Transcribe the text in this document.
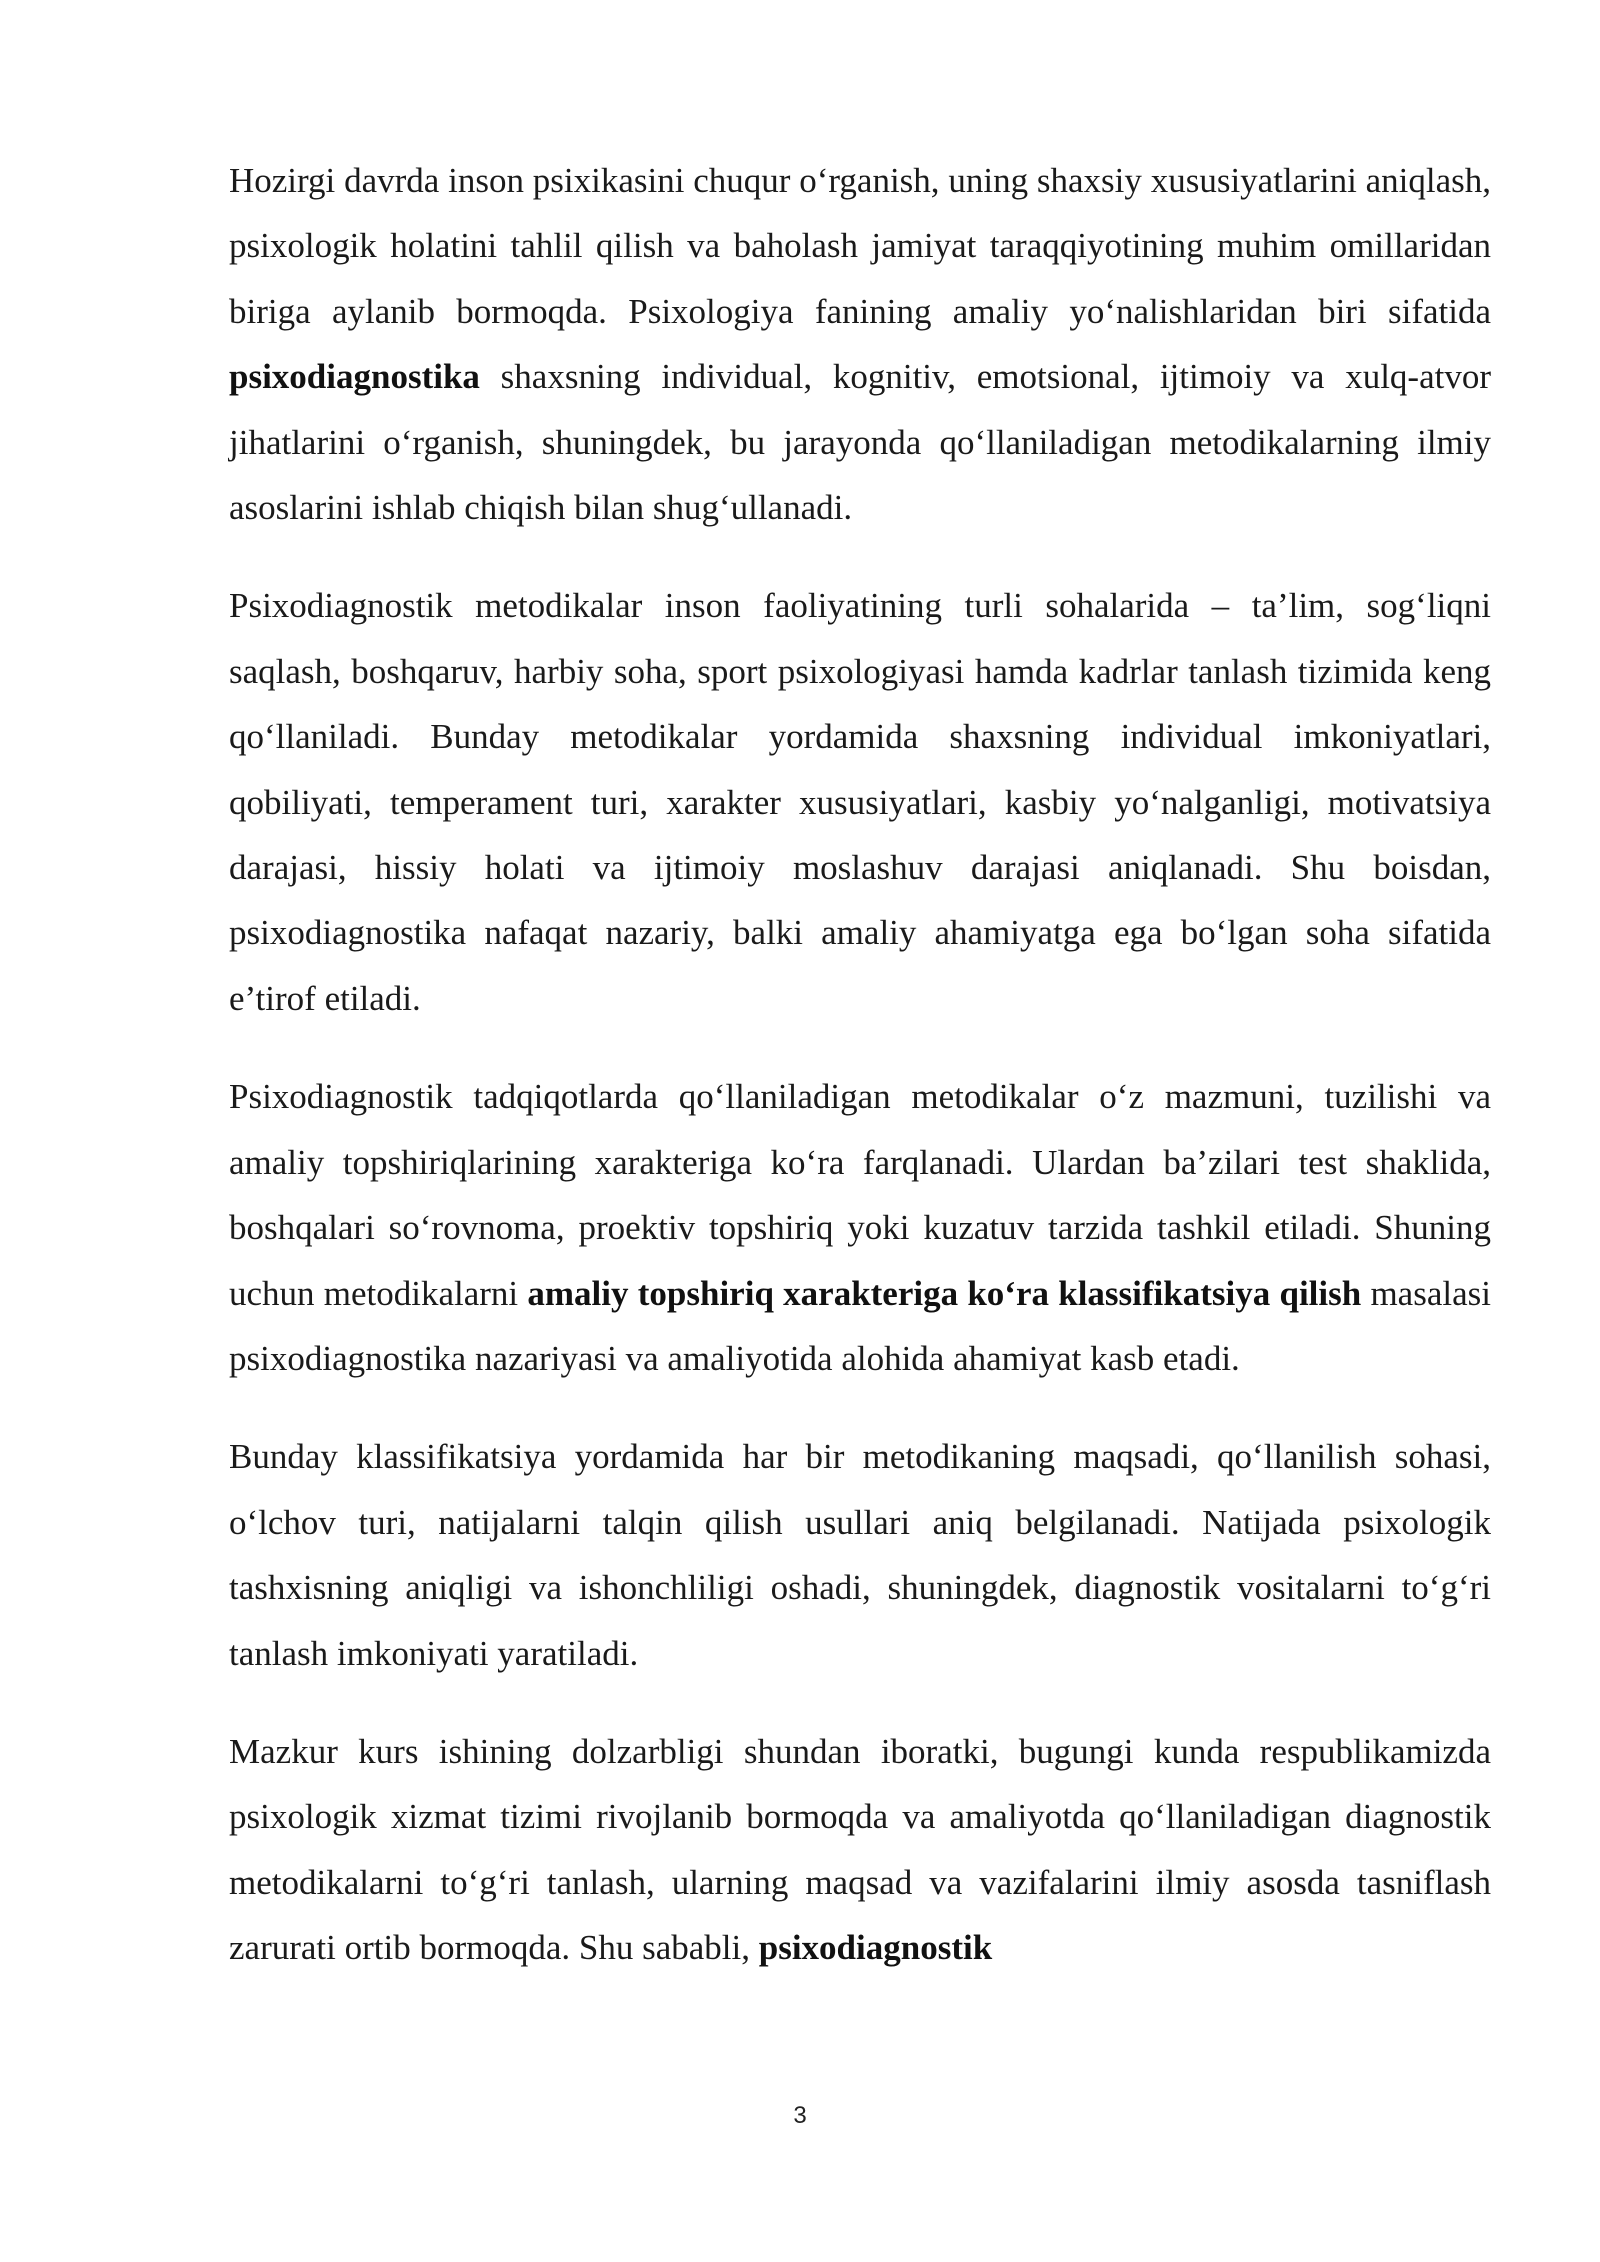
Hozirgi davrda inson psixikasini chuqur o‘rganish, uning shaxsiy xususiyatlarini aniqlash, psixologik holatini tahlil qilish va baholash jamiyat taraqqiyotining muhim omillaridan biriga aylanib bormoqda. Psixologiya fanining amaliy yo‘nalishlaridan biri sifatida psixodiagnostika shaxsning individual, kognitiv, emotsional, ijtimoiy va xulq-atvor jihatlarini o‘rganish, shuningdek, bu jarayonda qo‘llaniladigan metodikalarning ilmiy asoslarini ishlab chiqish bilan shug‘ullanadi.

Psixodiagnostik metodikalar inson faoliyatining turli sohalarida – ta’lim, sog‘liqni saqlash, boshqaruv, harbiy soha, sport psixologiyasi hamda kadrlar tanlash tizimida keng qo‘llaniladi. Bunday metodikalar yordamida shaxsning individual imkoniyatlari, qobiliyati, temperament turi, xarakter xususiyatlari, kasbiy yo‘nalganligi, motivatsiya darajasi, hissiy holati va ijtimoiy moslashuv darajasi aniqlanadi. Shu boisdan, psixodiagnostika nafaqat nazariy, balki amaliy ahamiyatga ega bo‘lgan soha sifatida e’tirof etiladi.

Psixodiagnostik tadqiqotlarda qo‘llaniladigan metodikalar o‘z mazmuni, tuzilishi va amaliy topshiriqlarining xarakteriga ko‘ra farqlanadi. Ulardan ba’zilari test shaklida, boshqalari so‘rovnoma, proektiv topshiriq yoki kuzatuv tarzida tashkil etiladi. Shuning uchun metodikalarni amaliy topshiriq xarakteriga ko‘ra klassifikatsiya qilish masalasi psixodiagnostika nazariyasi va amaliyotida alohida ahamiyat kasb etadi.

Bunday klassifikatsiya yordamida har bir metodikaning maqsadi, qo‘llanilish sohasi, o‘lchov turi, natijalarni talqin qilish usullari aniq belgilanadi. Natijada psixologik tashxisning aniqligi va ishonchliligi oshadi, shuningdek, diagnostik vositalarni to‘g‘ri tanlash imkoniyati yaratiladi.

Mazkur kurs ishining dolzarbligi shundan iboratki, bugungi kunda respublikamizda psixologik xizmat tizimi rivojlanib bormoqda va amaliyotda qo‘llaniladigan diagnostik metodikalarni to‘g‘ri tanlash, ularning maqsad va vazifalarini ilmiy asosda tasniflash zarurati ortib bormoqda. Shu sababli, psixodiagnostik

3
